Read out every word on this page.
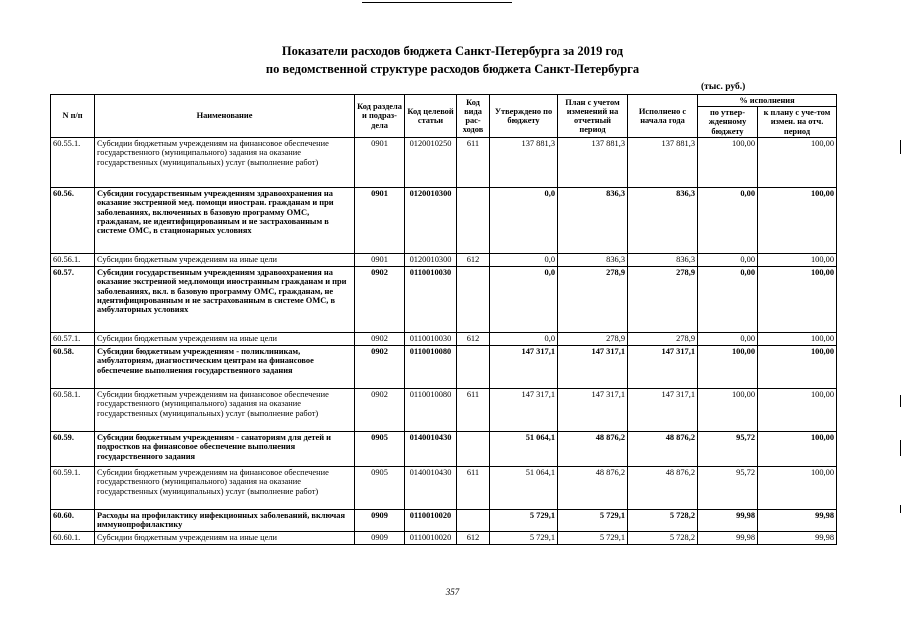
Показатели расходов бюджета Санкт-Петербурга за 2019 год
по ведомственной структуре расходов бюджета Санкт-Петербурга
(тыс. руб.)
N п/п	Наименование	Код раздела и подраз-дела	Код целевой статьи	Код вида рас-ходов	Утверждено по бюджету	План с учетом изменений на отчетный период	Исполнено с начала года	% исполнения	
								по утвер-жденному бюджету	к плану с уче-том измен. на отч. период
60.55.1.	Субсидии бюджетным учреждениям на финансовое обеспечение государственного (муниципального) задания на оказание государственных (муниципальных) услуг (выполнение работ)	0901	0120010250	611	137 881,3	137 881,3	137 881,3	100,00	100,00
60.56.	Субсидии государственным учреждениям здравоохранения на оказание экстренной мед. помощи иностран. гражданам и при заболеваниях, включенных в базовую программу ОМС, гражданам, не идентифицированным и не застрахованным в системе ОМС, в стационарных условиях	0901	0120010300		0,0	836,3	836,3	0,00	100,00
60.56.1.	Субсидии бюджетным учреждениям на иные цели	0901	0120010300	612	0,0	836,3	836,3	0,00	100,00
60.57.	Субсидии государственным учреждениям здравоохранения на оказание экстренной мед.помощи иностранным гражданам и при заболеваниях, вкл. в базовую программу ОМС, гражданам, не идентифицированным и не застрахованным в системе ОМС, в амбулаторных условиях	0902	0110010030		0,0	278,9	278,9	0,00	100,00
60.57.1.	Субсидии бюджетным учреждениям на иные цели	0902	0110010030	612	0,0	278,9	278,9	0,00	100,00
60.58.	Субсидии бюджетным учреждениям - поликлиникам, амбулаториям, диагностическим центрам на финансовое обеспечение выполнения государственного задания	0902	0110010080		147 317,1	147 317,1	147 317,1	100,00	100,00
60.58.1.	Субсидии бюджетным учреждениям на финансовое обеспечение государственного (муниципального) задания на оказание государственных (муниципальных) услуг (выполнение работ)	0902	0110010080	611	147 317,1	147 317,1	147 317,1	100,00	100,00
60.59.	Субсидии бюджетным учреждениям - санаториям для детей и подростков на финансовое обеспечение выполнения государственного задания	0905	0140010430		51 064,1	48 876,2	48 876,2	95,72	100,00
60.59.1.	Субсидии бюджетным учреждениям на финансовое обеспечение государственного (муниципального) задания на оказание государственных (муниципальных) услуг (выполнение работ)	0905	0140010430	611	51 064,1	48 876,2	48 876,2	95,72	100,00
60.60.	Расходы на профилактику инфекционных заболеваний, включая иммунопрофилактику	0909	0110010020		5 729,1	5 729,1	5 728,2	99,98	99,98
60.60.1.	Субсидии бюджетным учреждениям на иные цели	0909	0110010020	612	5 729,1	5 729,1	5 728,2	99,98	99,98
357
